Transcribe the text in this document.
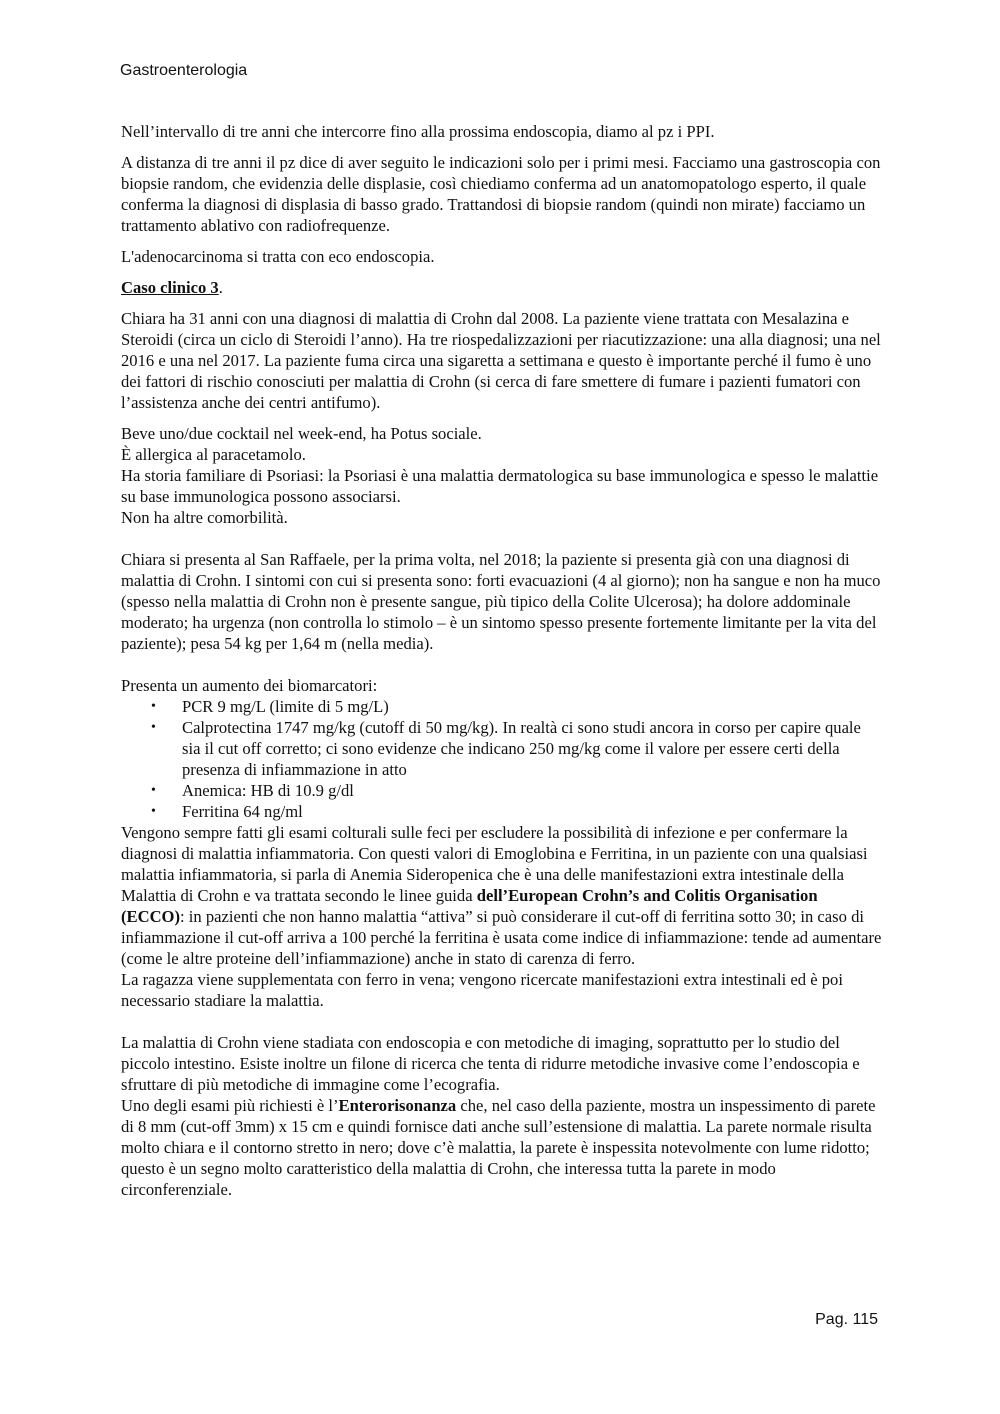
Gastroenterologia

Nell’intervallo di tre anni che intercorre fino alla prossima endoscopia, diamo al pz i PPI.

A distanza di tre anni il pz dice di aver seguito le indicazioni solo per i primi mesi. Facciamo una gastroscopia con biopsie random, che evidenzia delle displasie, così chiediamo conferma ad un anatomopatologo esperto, il quale conferma la diagnosi di displasia di basso grado. Trattandosi di biopsie random (quindi non mirate) facciamo un trattamento ablativo con radiofrequenze.

L'adenocarcinoma si tratta con eco endoscopia.

Caso clinico 3.

Chiara ha 31 anni con una diagnosi di malattia di Crohn dal 2008. La paziente viene trattata con Mesalazina e Steroidi (circa un ciclo di Steroidi l’anno). Ha tre riospedalizzazioni per riacutizzazione: una alla diagnosi; una nel 2016 e una nel 2017. La paziente fuma circa una sigaretta a settimana e questo è importante perché il fumo è uno dei fattori di rischio conosciuti per malattia di Crohn (si cerca di fare smettere di fumare i pazienti fumatori con l’assistenza anche dei centri antifumo).

Beve uno/due cocktail nel week-end, ha Potus sociale.
È allergica al paracetamolo.
Ha storia familiare di Psoriasi: la Psoriasi è una malattia dermatologica su base immunologica e spesso le malattie su base immunologica possono associarsi.
Non ha altre comorbilità.

Chiara si presenta al San Raffaele, per la prima volta, nel 2018; la paziente si presenta già con una diagnosi di malattia di Crohn. I sintomi con cui si presenta sono: forti evacuazioni (4 al giorno); non ha sangue e non ha muco (spesso nella malattia di Crohn non è presente sangue, più tipico della Colite Ulcerosa); ha dolore addominale moderato; ha urgenza (non controlla lo stimolo – è un sintomo spesso presente fortemente limitante per la vita del paziente); pesa 54 kg per 1,64 m (nella media).

Presenta un aumento dei biomarcatori:
• PCR 9 mg/L (limite di 5 mg/L)
• Calprotectina 1747 mg/kg (cutoff di 50 mg/kg). In realtà ci sono studi ancora in corso per capire quale sia il cut off corretto; ci sono evidenze che indicano 250 mg/kg come il valore per essere certi della presenza di infiammazione in atto
• Anemica: HB di 10.9 g/dl
• Ferritina 64 ng/ml
Vengono sempre fatti gli esami colturali sulle feci per escludere la possibilità di infezione e per confermare la diagnosi di malattia infiammatoria. Con questi valori di Emoglobina e Ferritina, in un paziente con una qualsiasi malattia infiammatoria, si parla di Anemia Sideropenica che è una delle manifestazioni extra intestinale della Malattia di Crohn e va trattata secondo le linee guida dell’European Crohn’s and Colitis Organisation (ECCO): in pazienti che non hanno malattia “attiva” si può considerare il cut-off di ferritina sotto 30; in caso di infiammazione il cut-off arriva a 100 perché la ferritina è usata come indice di infiammazione: tende ad aumentare (come le altre proteine dell’infiammazione) anche in stato di carenza di ferro.
La ragazza viene supplementata con ferro in vena; vengono ricercate manifestazioni extra intestinali ed è poi necessario stadiare la malattia.
La malattia di Crohn viene stadiata con endoscopia e con metodiche di imaging, soprattutto per lo studio del piccolo intestino. Esiste inoltre un filone di ricerca che tenta di ridurre metodiche invasive come l’endoscopia e sfruttare di più metodiche di immagine come l’ecografia.
Uno degli esami più richiesti è l’Enterorisonanza che, nel caso della paziente, mostra un inspessimento di parete di 8 mm (cut-off 3mm) x 15 cm e quindi fornisce dati anche sull’estensione di malattia. La parete normale risulta molto chiara e il contorno stretto in nero; dove c’è malattia, la parete è inspessita notevolmente con lume ridotto; questo è un segno molto caratteristico della malattia di Crohn, che interessa tutta la parete in modo circonferenziale.
Pag. 115
